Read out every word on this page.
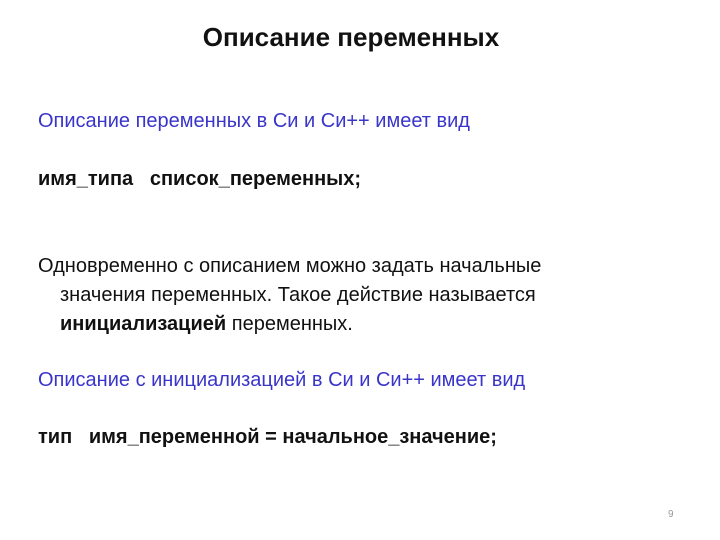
Описание переменных
Описание переменных в Си и Си++ имеет вид
имя_типа   список_переменных;
Одновременно с описанием можно задать начальные
значения переменных. Такое действие называется
инициализацией переменных.
Описание с инициализацией в Си и Си++ имеет вид
тип   имя_переменной = начальное_значение;
9
